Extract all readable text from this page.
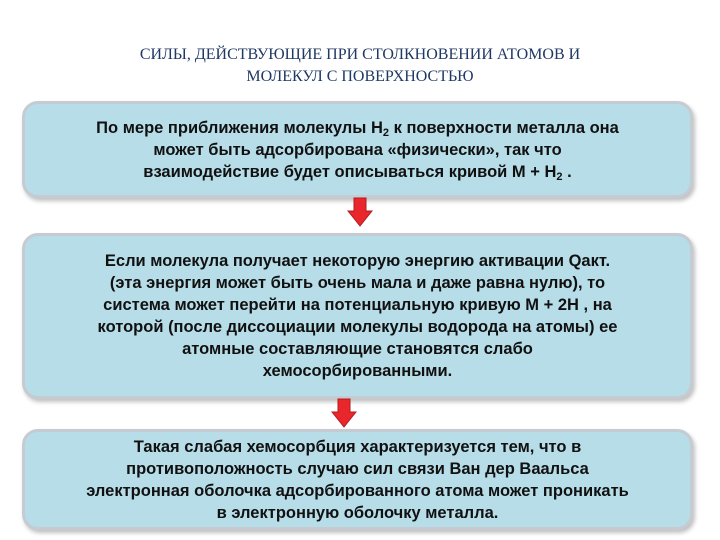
СИЛЫ, ДЕЙСТВУЮЩИЕ ПРИ СТОЛКНОВЕНИИ АТОМОВ И
МОЛЕКУЛ С ПОВЕРХНОСТЬЮ

По мере приближения молекулы $Н_2$ к поверхности металла она
может быть адсорбирована «физически», так что
взаимодействие будет описываться кривой $М + Н_2$ .

Если молекула получает некоторую энергию активации Qакт.
(эта энергия может быть очень мала и даже равна нулю), то
система может перейти на потенциальную кривую М + 2Н , на
которой (после диссоциации молекулы водорода на атомы) ее
атомные составляющие становятся слабо
хемосорбированными.

Такая слабая хемосорбция характеризуется тем, что в
противоположность случаю сил связи Ван дер Ваальса
электронная оболочка адсорбированного атома может проникать
в электронную оболочку металла.
